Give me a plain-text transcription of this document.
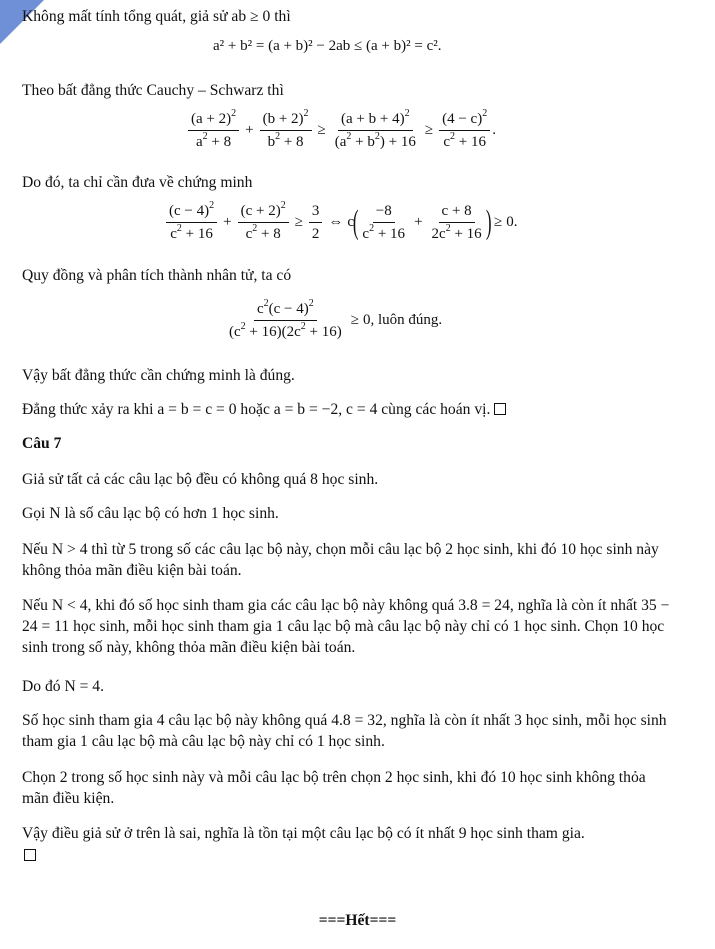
Không mất tính tổng quát, giả sử ab ≥ 0 thì
a² + b² = (a + b)² − 2ab ≤ (a + b)² = c².
Theo bất đẳng thức Cauchy – Schwarz thì
$(a + 2)^2$
$a^2 + 8$
+ $\frac{(b + 2)^2}{b^2 + 8} \ge \frac{(a + b + 4)^2}{(a^2 + b^2) + 16} \ge \frac{(4 - c)^2}{c^2 + 16}$ .
Do đó, ta chỉ cần đưa về chứng minh
$(c - 4)^2$
$c^2 + 16$
+ $\frac{(c + 2)^2}{c^2 + 8} \ge \frac{3}{2}$ ⇔ c
( −8
$c^2 + 16$
+ $\frac{c + 8}{2c^2 + 16}$ ) ≥ 0.
Quy đồng và phân tích thành nhân tử, ta có
$\frac{c^2(c - 4)^2}{(c^2 + 16)(2c^2 + 16)} \ge 0$ , luôn đúng.
Vậy bất đẳng thức cần chứng minh là đúng.
Đẳng thức xảy ra khi a = b = c = 0 hoặc a = b = −2, c = 4 cùng các hoán vị.
Câu 7
Giả sử tất cả các câu lạc bộ đều có không quá 8 học sinh.
Gọi N là số câu lạc bộ có hơn 1 học sinh.
Nếu N > 4 thì từ 5 trong số các câu lạc bộ này, chọn mỗi câu lạc bộ 2 học sinh, khi đó 10 học sinh này không thỏa mãn điều kiện bài toán.
Nếu N < 4, khi đó số học sinh tham gia các câu lạc bộ này không quá 3.8 = 24, nghĩa là còn ít nhất 35 − 24 = 11 học sinh, mỗi học sinh tham gia 1 câu lạc bộ mà câu lạc bộ này chỉ có 1 học sinh. Chọn 10 học sinh trong số này, không thỏa mãn điều kiện bài toán.
Do đó N = 4.
Số học sinh tham gia 4 câu lạc bộ này không quá 4.8 = 32, nghĩa là còn ít nhất 3 học sinh, mỗi học sinh tham gia 1 câu lạc bộ mà câu lạc bộ này chỉ có 1 học sinh.
Chọn 2 trong số học sinh này và mỗi câu lạc bộ trên chọn 2 học sinh, khi đó 10 học sinh không thỏa mãn điều kiện.
Vậy điều giả sử ở trên là sai, nghĩa là tồn tại một câu lạc bộ có ít nhất 9 học sinh tham gia.
===Hết===
